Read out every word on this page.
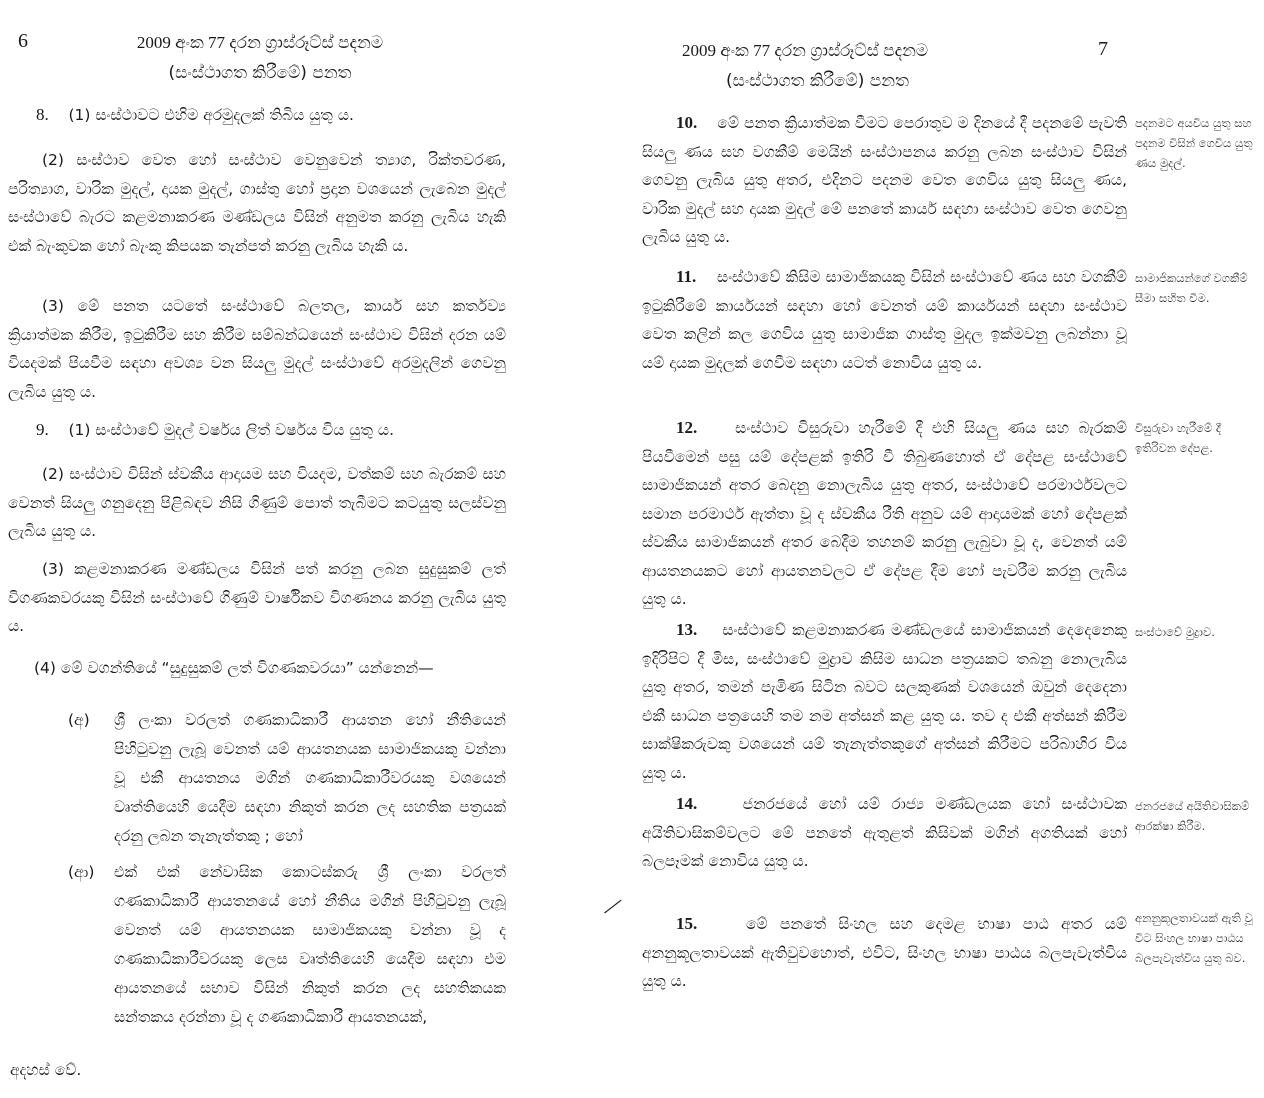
6	2009 අංක 77 දරන ග්‍රාස්රූට්ස් පදනම
(සංස්ථාගත කිරීමේ) පනත
8. (1) සංස්ථාවට එහිම අරමුදලක් තිබිය යුතු ය.
(2) සංස්ථාව වෙත හෝ සංස්ථාව වෙනුවෙන් ත්‍යාග, රික්තවරණ, පරිත්‍යාග, වාරික මුදල්, දායක මුදල්, ගාස්තු හෝ ප්‍රදාන වශයෙන් ලැබෙන මුදල් සංස්ථාවේ බැරට කළමනාකරණ මණ්ඩලය විසින් අනුමත කරනු ලැබිය හැකි එක් බැංකුවක හෝ බැංකු කිපයක තැන්පත් කරනු ලැබිය හැකි ය.
(3) මේ පනත යටතේ සංස්ථාවේ බලතල, කාර්ය සහ කර්තව්‍ය ක්‍රියාත්මක කිරීම, ඉටුකිරීම සහ කිරීම සම්බන්ධයෙන් සංස්ථාව විසින් දරන යම් වියදමක් පියවීම සඳහා අවශ්‍ය වන සියලු මුදල් සංස්ථාවේ අරමුදලින් ගෙවනු ලැබිය යුතු ය.
9. (1) සංස්ථාවේ මුදල් වර්ෂය ලිත් වර්ෂය විය යුතු ය.
(2) සංස්ථාව විසින් ස්වකීය ආදායම සහ වියදම, වත්කම් සහ බැරකම් සහ වෙනත් සියලු ගනුදෙනු පිළිබඳව නිසි ගිණුම් පොත් තැබීමට කටයුතු සලස්වනු ලැබිය යුතු ය.
(3) කළමනාකරණ මණ්ඩලය විසින් පත් කරනු ලබන සුදුසුකම් ලත් විගණකවරයකු විසින් සංස්ථාවේ ගිණුම් වාර්ෂිකව විගණනය කරනු ලැබිය යුතු ය.
(4) මේ වගන්තියේ “සුදුසුකම් ලත් විගණකවරයා” යන්නෙන්—
(අ) ශ්‍රී ලංකා වරලත් ගණකාධිකාරී ආයතන හෝ නීතියෙන් පිහිටුවනු ලැබූ වෙනත් යම් ආයතනයක සාමාජිකයකු වන්නා වූ එකී ආයතනය මගින් ගණකාධිකාරීවරයකු වශයෙන් වෘත්තියෙහි යෙදීම සඳහා නිකුත් කරන ලද සහතික පත්‍රයක් දරනු ලබන තැනැත්තකු ; හෝ
(ආ) එක් එක් නේවාසික කොටස්කරු ශ්‍රී ලංකා වරලත් ගණකාධිකාරී ආයතනයේ හෝ නීතිය මගින් පිහිටුවනු ලැබූ වෙනත් යම් ආයතනයක සාමාජිකයකු වන්නා වූ ද ගණකාධිකාරීවරයකු ලෙස වෘත්තියෙහි යෙදීම සඳහා එම ආයතනයේ සභාව විසින් නිකුත් කරන ලද සහතිකයක සන්තකය දරන්නා වූ ද ගණකාධිකාරී ආයතනයක්,
අදහස් වේ.
2009 අංක 77 දරන ග්‍රාස්රූට්ස් පදනම
(සංස්ථාගත කිරීමේ) පනත
7
10. මේ පනත ක්‍රියාත්මක වීමට පෙරාතුව ම දිනයේ දී පදනමේ පැවති සියලු ණය සහ වගකීම් මෙයින් සංස්ථාපනය කරනු ලබන සංස්ථාව විසින් ගෙවනු ලැබිය යුතු අතර, එදිනට පදනම වෙත ගෙවිය යුතු සියලු ණය, වාරික මුදල් සහ දායක මුදල් මේ පනතේ කාර්ය සඳහා සංස්ථාව වෙත ගෙවනු ලැබිය යුතු ය.
පදනමට අයවිය යුතු සහ පදනම විසින් ගෙවිය යුතු ණය මුදල්.
11. සංස්ථාවේ කිසිම සාමාජිකයකු විසින් සංස්ථාවේ ණය සහ වගකීම් ඉටුකිරීමේ කාර්යයන් සඳහා හෝ වෙනත් යම් කාර්යයන් සඳහා සංස්ථාව වෙත කලින් කල ගෙවිය යුතු සාමාජික ගාස්තු මුදල ඉක්මවනු ලබන්නා වූ යම් දායක මුදලක් ගෙවීම සඳහා යටත් නොවිය යුතු ය.
සාමාජිකයන්ගේ වගකීම් සීමා සහිත වීම.
12. සංස්ථාව විසුරුවා හැරීමේ දී එහි සියලු ණය සහ බැරකම් පියවීමෙන් පසු යම් දේපළක් ඉතිරි වී තිබුණහොත් ඒ දේපළ සංස්ථාවේ සාමාජිකයන් අතර බෙදනු නොලැබිය යුතු අතර, සංස්ථාවේ පරමාර්ථවලට සමාන පරමාර්ථ ඇත්තා වූ ද ස්වකීය රීති අනුව යම් ආදායමක් හෝ දේපළක් ස්වකීය සාමාජිකයන් අතර බෙදීම තහනම් කරනු ලැබුවා වූ ද, වෙනත් යම් ආයතනයකට හෝ ආයතනවලට ඒ දේපළ දීම හෝ පැවරීම කරනු ලැබිය යුතු ය.
විසුරුවා හැරීමේ දී ඉතිරිවන දේපළ.
13. සංස්ථාවේ කළමනාකරණ මණ්ඩලයේ සාමාජිකයන් දෙදෙනෙකු ඉදිරිපිට දී මිස, සංස්ථාවේ මුද්‍රාව කිසිම සාධන පත්‍රයකට තබනු නොලැබිය යුතු අතර, තමන් පැමිණ සිටින බවට සලකුණක් වශයෙන් ඔවුන් දෙදෙනා එකී සාධන පත්‍රයෙහි තම නම අත්සන් කළ යුතු ය. තව ද එකී අත්සන් කිරීම සාක්ෂිකරුවකු වශයෙන් යම් තැනැත්තකුගේ අත්සන් කිරීමට පරිබාහිර විය යුතු ය.
සංස්ථාවේ මුද්‍රාව.
14.	ජනරජයේ හෝ යම් රාජ්‍ය මණ්ඩලයක හෝ සංස්ථාවක අයිතිවාසිකම්වලට මේ පනතේ ඇතුළත් කිසිවක් මගින් අගතියක් හෝ බලපෑමක් නොවිය යුතු ය.
ජනරජයේ අයිතිවාසිකම් ආරක්ෂා කිරීම.
╱
15.	මේ පනතේ සිංහල සහ දෙමළ භාෂා පාඨ අතර යම් අනනුකූලතාවයක් ඇතිවුවහොත්, එවිට, සිංහල භාෂා පාඨය බලපැවැත්විය යුතු ය.
අනනුකූලතාවයක් ඇති වූ විට සිංහල භාෂා පාඨය බලපැවැත්විය යුතු බව.
